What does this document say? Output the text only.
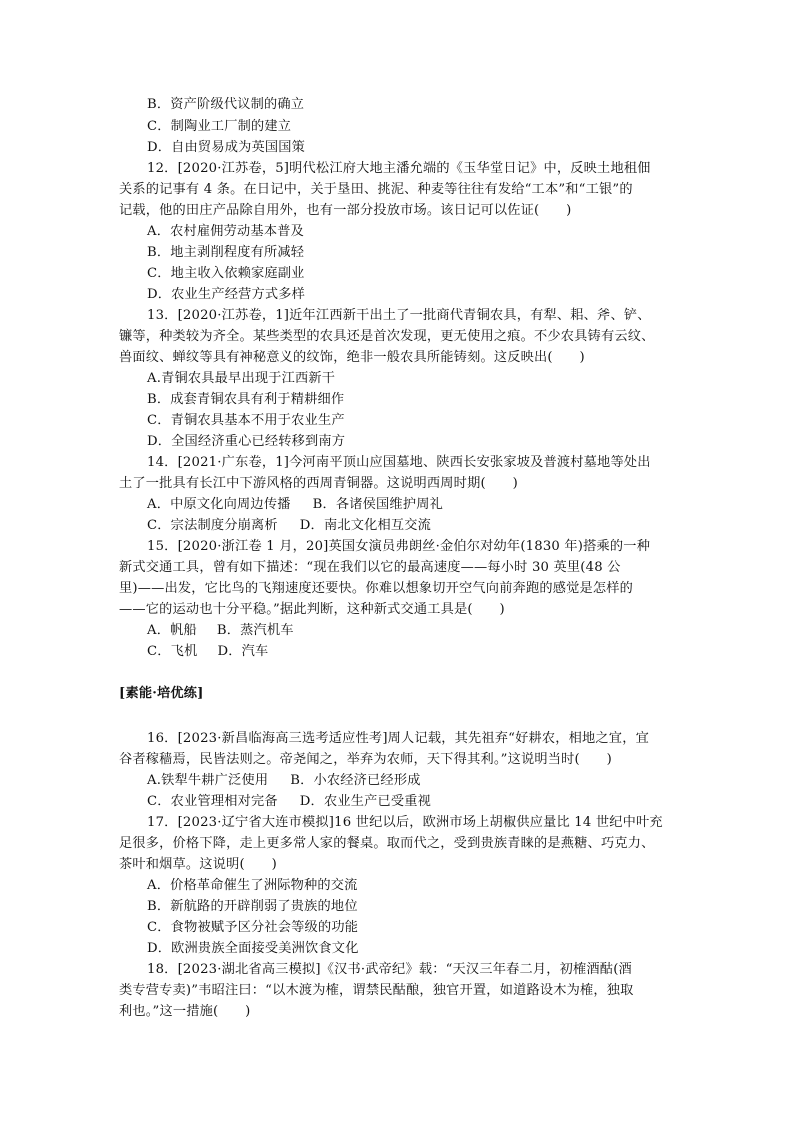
B．资产阶级代议制的确立
C．制陶业工厂制的建立
D．自由贸易成为英国国策
12．[2020·江苏卷，5]明代松江府大地主潘允端的《玉华堂日记》中，反映土地租佃
关系的记事有 4 条。在日记中，关于垦田、挑泥、种麦等往往有发给“工本”和“工银”的
记载，他的田庄产品除自用外，也有一部分投放市场。该日记可以佐证(　　)
A．农村雇佣劳动基本普及
B．地主剥削程度有所减轻
C．地主收入依赖家庭副业
D．农业生产经营方式多样
13．[2020·江苏卷，1]近年江西新干出土了一批商代青铜农具，有犁、耜、斧、铲、
镰等，种类较为齐全。某些类型的农具还是首次发现，更无使用之痕。不少农具铸有云纹、
兽面纹、蝉纹等具有神秘意义的纹饰，绝非一般农具所能铸刻。这反映出(　　)
A.青铜农具最早出现于江西新干
B．成套青铜农具有利于精耕细作
C．青铜农具基本不用于农业生产
D．全国经济重心已经转移到南方
14．[2021·广东卷，1]今河南平顶山应国墓地、陕西长安张家坡及普渡村墓地等处出
土了一批具有长江中下游风格的西周青铜器。这说明西周时期(　　)
A．中原文化向周边传播 B．各诸侯国维护周礼
C．宗法制度分崩离析 D．南北文化相互交流
15．[2020·浙江卷 1 月，20]英国女演员弗朗丝·金伯尔对幼年(1830 年)搭乘的一种
新式交通工具，曾有如下描述：“现在我们以它的最高速度——每小时 30 英里(48 公
里)——出发，它比鸟的飞翔速度还要快。你难以想象切开空气向前奔跑的感觉是怎样的
——它的运动也十分平稳。”据此判断，这种新式交通工具是(　　)
A．帆船 B．蒸汽机车
C．飞机 D．汽车
[素能·培优练]
16．[2023·新昌临海高三选考适应性考]周人记载，其先祖弃“好耕农，相地之宜，宜
谷者稼穑焉，民皆法则之。帝尧闻之，举弃为农师，天下得其利。”这说明当时(　　)
A.铁犁牛耕广泛使用 B．小农经济已经形成
C．农业管理相对完备 D．农业生产已受重视
17．[2023·辽宁省大连市模拟]16 世纪以后，欧洲市场上胡椒供应量比 14 世纪中叶充
足很多，价格下降，走上更多常人家的餐桌。取而代之，受到贵族青睐的是燕糖、巧克力、
茶叶和烟草。这说明(　　)
A．价格革命催生了洲际物种的交流
B．新航路的开辟削弱了贵族的地位
C．食物被赋予区分社会等级的功能
D．欧洲贵族全面接受美洲饮食文化
18．[2023·湖北省高三模拟]《汉书·武帝纪》载：“天汉三年春二月，初榷酒酤(酒
类专营专卖)”韦昭注曰：“以木渡为榷，谓禁民酤酿，独官开置，如道路设木为榷，独取
利也。”这一措施(　　)
